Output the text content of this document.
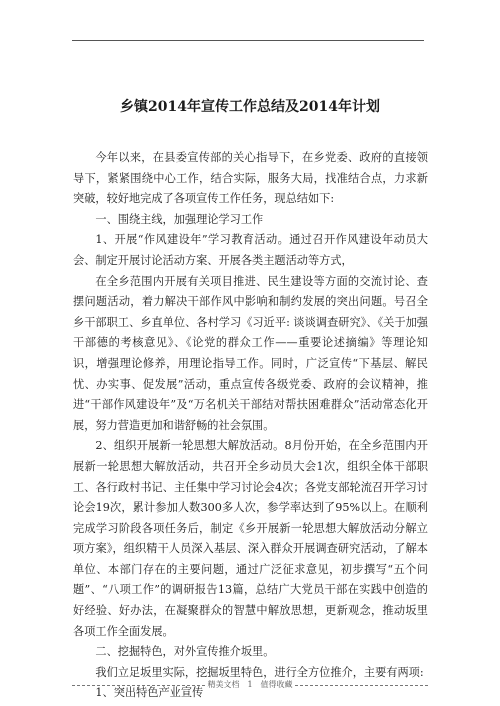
乡镇2014年宣传工作总结及2014年计划

今年以来，在县委宣传部的关心指导下，在乡党委、政府的直接领导下，紧紧围绕中心工作，结合实际，服务大局，找准结合点，力求新突破，较好地完成了各项宣传工作任务，现总结如下:

一、围绕主线，加强理论学习工作

1、开展“作风建设年”学习教育活动。通过召开作风建设年动员大会、制定开展讨论活动方案、开展各类主题活动等方式，

在全乡范围内开展有关项目推进、民生建设等方面的交流讨论、查摆问题活动，着力解决干部作风中影响和制约发展的突出问题。号召全乡干部职工、乡直单位、各村学习《习近平: 谈谈调查研究》、《关于加强干部德的考核意见》、《论党的群众工作——重要论述摘编》等理论知识，增强理论修养，用理论指导工作。同时，广泛宣传“下基层、解民忧、办实事、促发展”活动，重点宣传各级党委、政府的会议精神，推进“干部作风建设年”及“万名机关干部结对帮扶困难群众”活动常态化开展，努力营造更加和谐舒畅的社会氛围。

2、组织开展新一轮思想大解放活动。8月份开始，在全乡范围内开展新一轮思想大解放活动，共召开全乡动员大会1次，组织全体干部职工、各行政村书记、主任集中学习讨论会4次；各党支部轮流召开学习讨论会19次，累计参加人数300多人次，参学率达到了95%以上。在顺利完成学习阶段各项任务后，制定《乡开展新一轮思想大解放活动分解立项方案》，组织精干人员深入基层、深入群众开展调查研究活动，了解本单位、本部门存在的主要问题，通过广泛征求意见，初步撰写“五个问题”、“八项工作”的调研报告13篇，总结广大党员干部在实践中创造的好经验、好办法，在凝聚群众的智慧中解放思想，更新观念，推动坂里各项工作全面发展。

二、挖掘特色，对外宣传推介坂里。

我们立足坂里实际，挖掘坂里特色，进行全方位推介，主要有两项:

1、突出特色产业宣传

精美文档 1 值得收藏
